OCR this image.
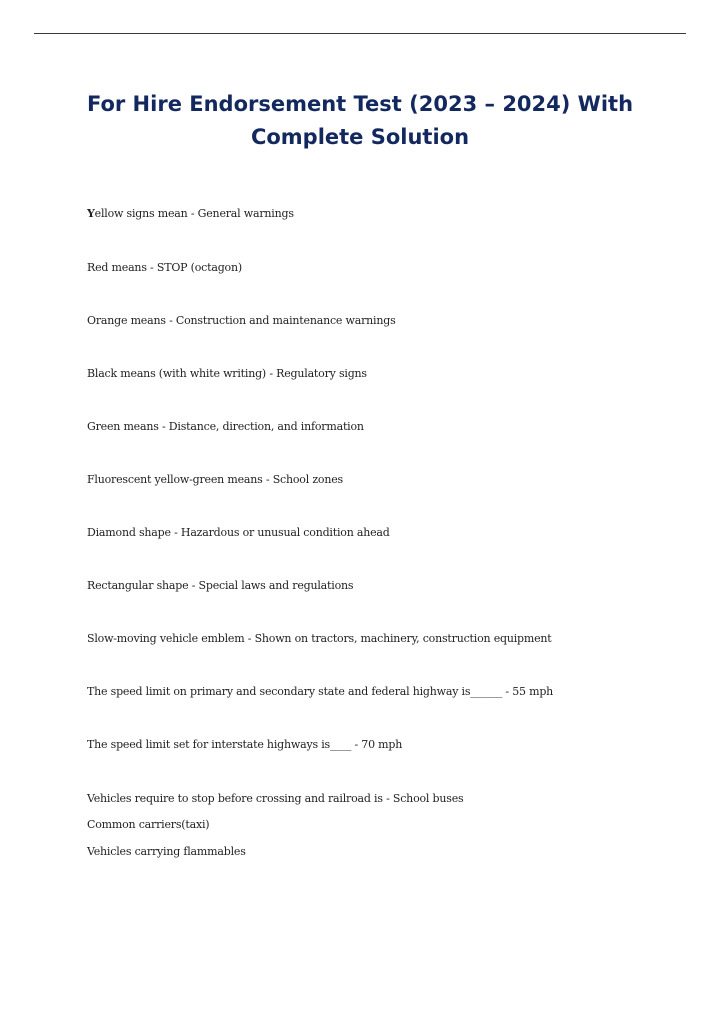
For Hire Endorsement Test (2023 – 2024) With
Complete Solution
Yellow signs mean - General warnings
Red means - STOP (octagon)
Orange means - Construction and maintenance warnings
Black means (with white writing) - Regulatory signs
Green means - Distance, direction, and information
Fluorescent yellow-green means - School zones
Diamond shape - Hazardous or unusual condition ahead
Rectangular shape - Special laws and regulations
Slow-moving vehicle emblem - Shown on tractors, machinery, construction equipment
The speed limit on primary and secondary state and federal highway is______ - 55 mph
The speed limit set for interstate highways is____ - 70 mph
Vehicles require to stop before crossing and railroad is - School buses
Common carriers(taxi)
Vehicles carrying flammables
